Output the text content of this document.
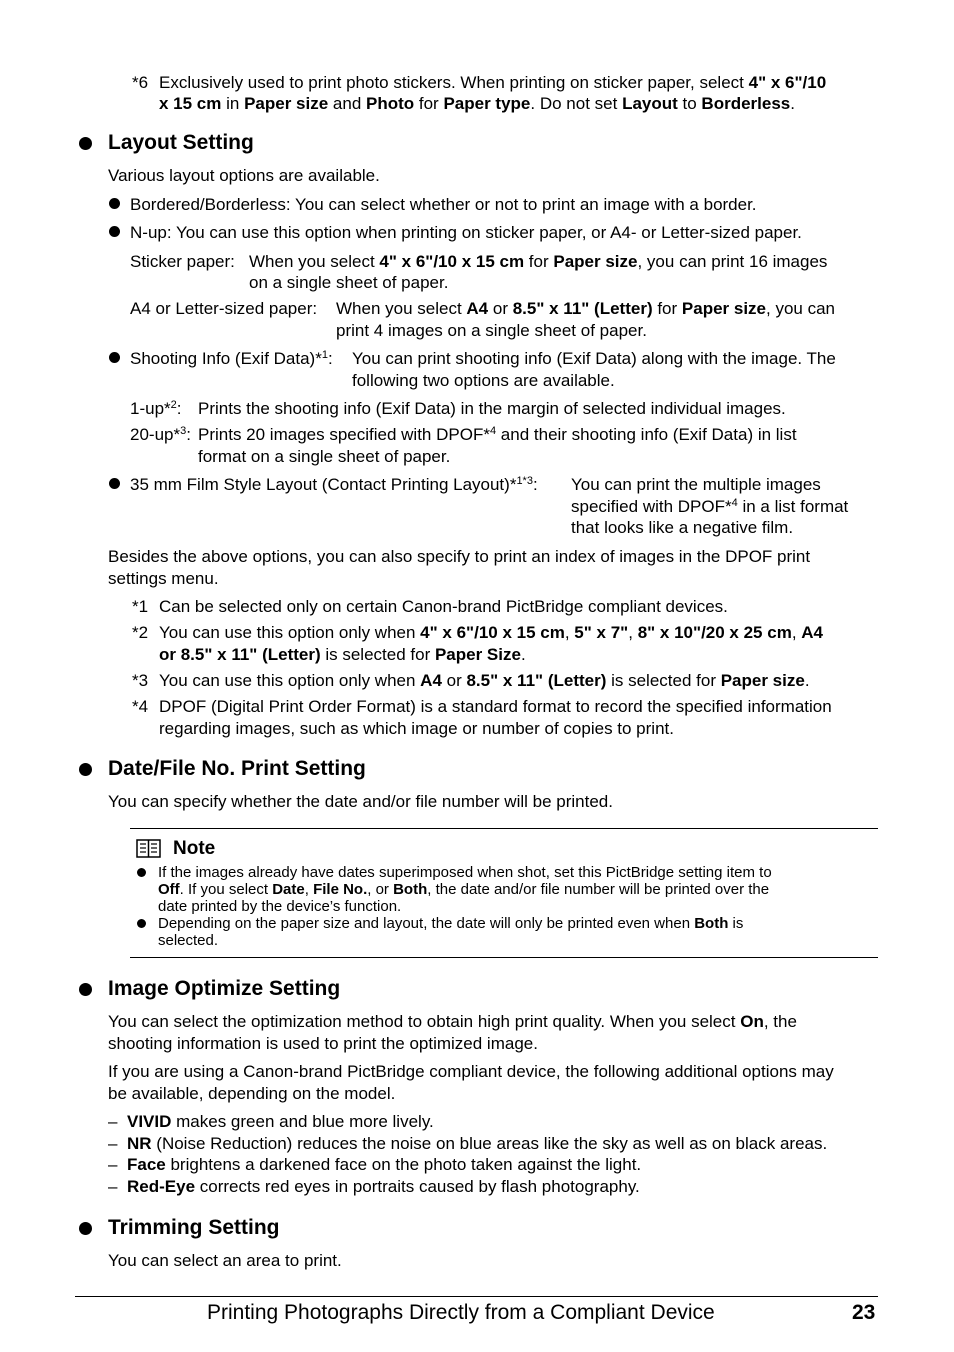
*6 Exclusively used to print photo stickers. When printing on sticker paper, select 4" x 6"/10
x 15 cm in Paper size and Photo for Paper type. Do not set Layout to Borderless.
Layout Setting
Various layout options are available.
Bordered/Borderless: You can select whether or not to print an image with a border.
N-up: You can use this option when printing on sticker paper, or A4- or Letter-sized paper.
Sticker paper: When you select 4" x 6"/10 x 15 cm for Paper size, you can print 16 images
on a single sheet of paper.
A4 or Letter-sized paper: When you select A4 or 8.5" x 11" (Letter) for Paper size, you can
print 4 images on a single sheet of paper.
Shooting Info (Exif Data)*$^1$: You can print shooting info (Exif Data) along with the image. The
following two options are available.
1-up*$^2$: Prints the shooting info (Exif Data) in the margin of selected individual images.
20-up*$^3$: Prints 20 images specified with DPOF*$^4$ and their shooting info (Exif Data) in list
format on a single sheet of paper.
35 mm Film Style Layout (Contact Printing Layout)*$^{1*3}$: You can print the multiple images
specified with DPOF*$^4$ in a list format
that looks like a negative film.
Besides the above options, you can also specify to print an index of images in the DPOF print
settings menu.
*1 Can be selected only on certain Canon-brand PictBridge compliant devices.
*2 You can use this option only when 4" x 6"/10 x 15 cm, 5" x 7", 8" x 10"/20 x 25 cm, A4
or 8.5" x 11" (Letter) is selected for Paper Size.
*3 You can use this option only when A4 or 8.5" x 11" (Letter) is selected for Paper size.
*4 DPOF (Digital Print Order Format) is a standard format to record the specified information
regarding images, such as which image or number of copies to print.
Date/File No. Print Setting
You can specify whether the date and/or file number will be printed.
Note
If the images already have dates superimposed when shot, set this PictBridge setting item to
Off. If you select Date, File No., or Both, the date and/or file number will be printed over the
date printed by the device’s function.
Depending on the paper size and layout, the date will only be printed even when Both is
selected.
Image Optimize Setting
You can select the optimization method to obtain high print quality. When you select On, the
shooting information is used to print the optimized image.
If you are using a Canon-brand PictBridge compliant device, the following additional options may
be available, depending on the model.
– VIVID makes green and blue more lively.
– NR (Noise Reduction) reduces the noise on blue areas like the sky as well as on black areas.
– Face brightens a darkened face on the photo taken against the light.
– Red-Eye corrects red eyes in portraits caused by flash photography.
Trimming Setting
You can select an area to print.
Printing Photographs Directly from a Compliant Device	23
